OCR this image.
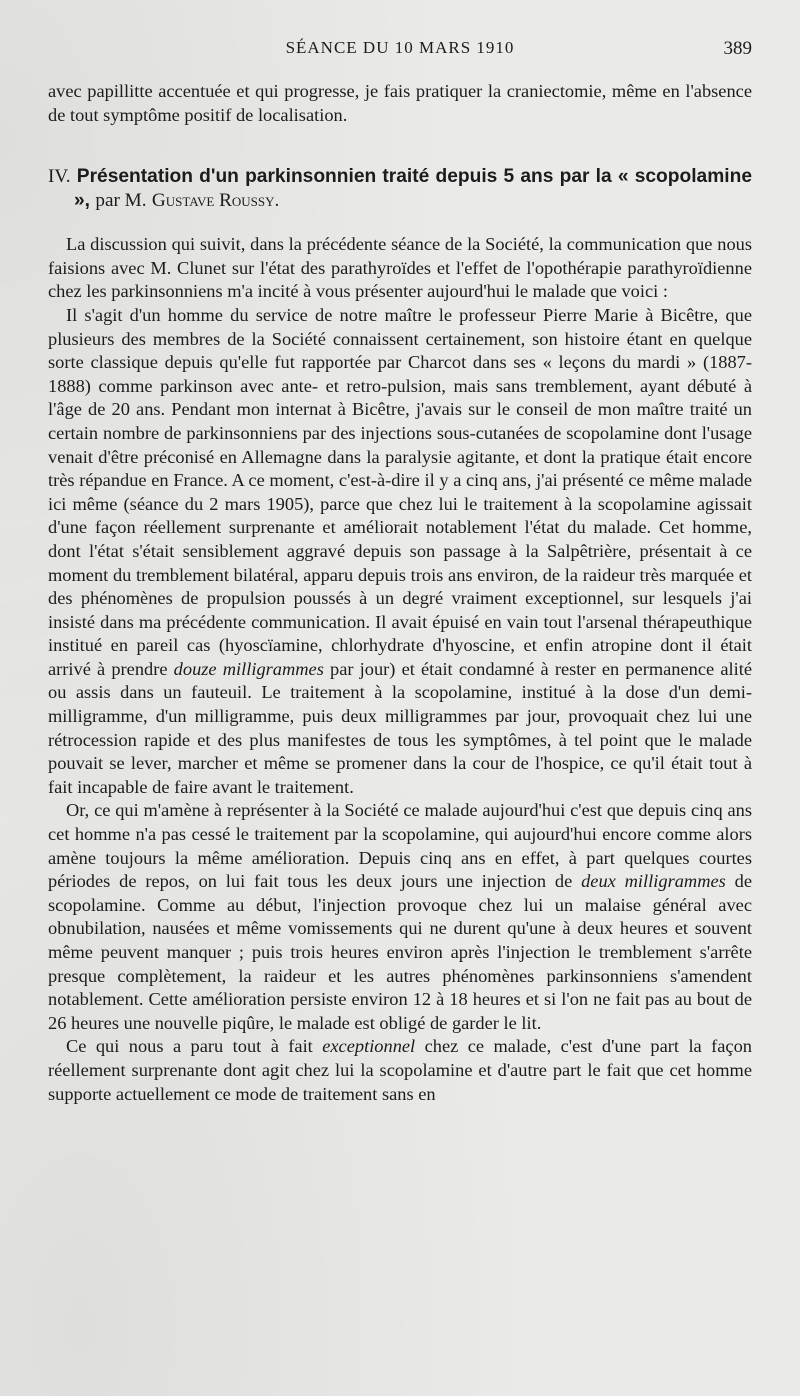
SÉANCE DU 10 MARS 1910	389

avec papillitte accentuée et qui progresse, je fais pratiquer la craniectomie, même en l'absence de tout symptôme positif de localisation.

IV. Présentation d'un parkinsonnien traité depuis 5 ans par la « scopolamine », par M. Gustave Roussy.

La discussion qui suivit, dans la précédente séance de la Société, la communication que nous faisions avec M. Clunet sur l'état des parathyroïdes et l'effet de l'opothérapie parathyroïdienne chez les parkinsonniens m'a incité à vous présenter aujourd'hui le malade que voici :

Il s'agit d'un homme du service de notre maître le professeur Pierre Marie à Bicêtre, que plusieurs des membres de la Société connaissent certainement, son histoire étant en quelque sorte classique depuis qu'elle fut rapportée par Charcot dans ses « leçons du mardi » (1887-1888) comme parkinson avec ante- et retro-pulsion, mais sans tremblement, ayant débuté à l'âge de 20 ans. Pendant mon internat à Bicêtre, j'avais sur le conseil de mon maître traité un certain nombre de parkinsonniens par des injections sous-cutanées de scopolamine dont l'usage venait d'être préconisé en Allemagne dans la paralysie agitante, et dont la pratique était encore très répandue en France. A ce moment, c'est-à-dire il y a cinq ans, j'ai présenté ce même malade ici même (séance du 2 mars 1905), parce que chez lui le traitement à la scopolamine agissait d'une façon réellement surprenante et améliorait notablement l'état du malade. Cet homme, dont l'état s'était sensiblement aggravé depuis son passage à la Salpêtrière, présentait à ce moment du tremblement bilatéral, apparu depuis trois ans environ, de la raideur très marquée et des phénomènes de propulsion poussés à un degré vraiment exceptionnel, sur lesquels j'ai insisté dans ma précédente communication. Il avait épuisé en vain tout l'arsenal thérapeuthique institué en pareil cas (hyoscïamine, chlorhydrate d'hyoscine, et enfin atropine dont il était arrivé à prendre douze milligrammes par jour) et était condamné à rester en permanence alité ou assis dans un fauteuil. Le traitement à la scopolamine, institué à la dose d'un demi-milligramme, d'un milligramme, puis deux milligrammes par jour, provoquait chez lui une rétrocession rapide et des plus manifestes de tous les symptômes, à tel point que le malade pouvait se lever, marcher et même se promener dans la cour de l'hospice, ce qu'il était tout à fait incapable de faire avant le traitement.

Or, ce qui m'amène à représenter à la Société ce malade aujourd'hui c'est que depuis cinq ans cet homme n'a pas cessé le traitement par la scopolamine, qui aujourd'hui encore comme alors amène toujours la même amélioration. Depuis cinq ans en effet, à part quelques courtes périodes de repos, on lui fait tous les deux jours une injection de deux milligrammes de scopolamine. Comme au début, l'injection provoque chez lui un malaise général avec obnubilation, nausées et même vomissements qui ne durent qu'une à deux heures et souvent même peuvent manquer ; puis trois heures environ après l'injection le tremblement s'arrête presque complètement, la raideur et les autres phénomènes parkinsonniens s'amendent notablement. Cette amélioration persiste environ 12 à 18 heures et si l'on ne fait pas au bout de 26 heures une nouvelle piqûre, le malade est obligé de garder le lit.

Ce qui nous a paru tout à fait exceptionnel chez ce malade, c'est d'une part la façon réellement surprenante dont agit chez lui la scopolamine et d'autre part le fait que cet homme supporte actuellement ce mode de traitement sans en
